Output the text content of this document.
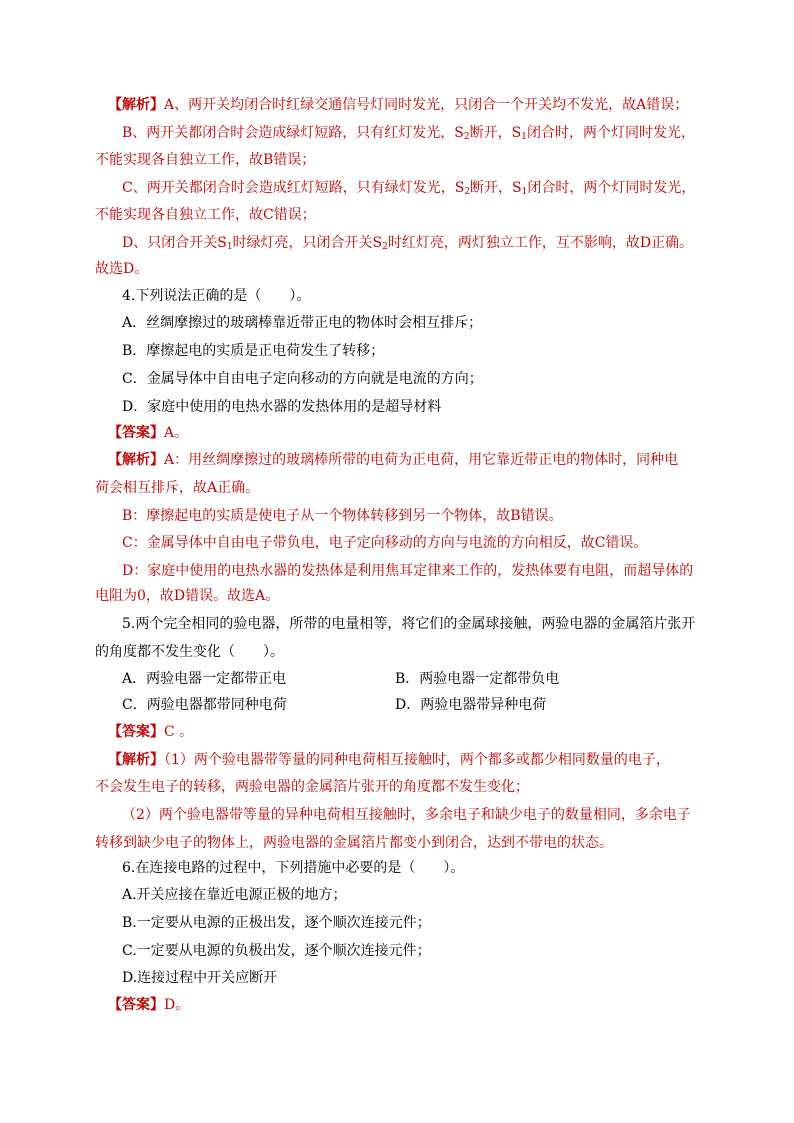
【解析】A、两开关均闭合时红绿交通信号灯同时发光，只闭合一个开关均不发光，故A错误；
B、两开关都闭合时会造成绿灯短路，只有红灯发光，$S_2$断开，$S_1$闭合时，两个灯同时发光，
不能实现各自独立工作，故B错误；
C、两开关都闭合时会造成红灯短路，只有绿灯发光，$S_2$断开，$S_1$闭合时，两个灯同时发光，
不能实现各自独立工作，故C错误；
D、只闭合开关$S_1$时绿灯亮，只闭合开关$S_2$时红灯亮，两灯独立工作，互不影响，故D正确。
故选D。
4.下列说法正确的是（　　）。
A．丝绸摩擦过的玻璃棒靠近带正电的物体时会相互排斥；
B．摩擦起电的实质是正电荷发生了转移；
C．金属导体中自由电子定向移动的方向就是电流的方向；
D．家庭中使用的电热水器的发热体用的是超导材料
【答案】A。
【解析】A：用丝绸摩擦过的玻璃棒所带的电荷为正电荷，用它靠近带正电的物体时，同种电
荷会相互排斥，故A正确。
B：摩擦起电的实质是使电子从一个物体转移到另一个物体，故B错误。
C：金属导体中自由电子带负电，电子定向移动的方向与电流的方向相反，故C错误。
D：家庭中使用的电热水器的发热体是利用焦耳定律来工作的，发热体要有电阻，而超导体的
电阻为0，故D错误。故选A。
5.两个完全相同的验电器，所带的电量相等，将它们的金属球接触，两验电器的金属箔片张开
的角度都不发生变化（　　）。
A．两验电器一定都带正电	B．两验电器一定都带负电
C．两验电器都带同种电荷	D．两验电器带异种电荷
【答案】C 。
【解析】（1）两个验电器带等量的同种电荷相互接触时，两个都多或都少相同数量的电子，
不会发生电子的转移，两验电器的金属箔片张开的角度都不发生变化；
（2）两个验电器带等量的异种电荷相互接触时，多余电子和缺少电子的数量相同，多余电子
转移到缺少电子的物体上，两验电器的金属箔片都变小到闭合，达到不带电的状态。
6.在连接电路的过程中，下列措施中必要的是（　　）。
A.开关应接在靠近电源正极的地方；
B.一定要从电源的正极出发，逐个顺次连接元件；
C.一定要从电源的负极出发，逐个顺次连接元件；
D.连接过程中开关应断开
【答案】D。
